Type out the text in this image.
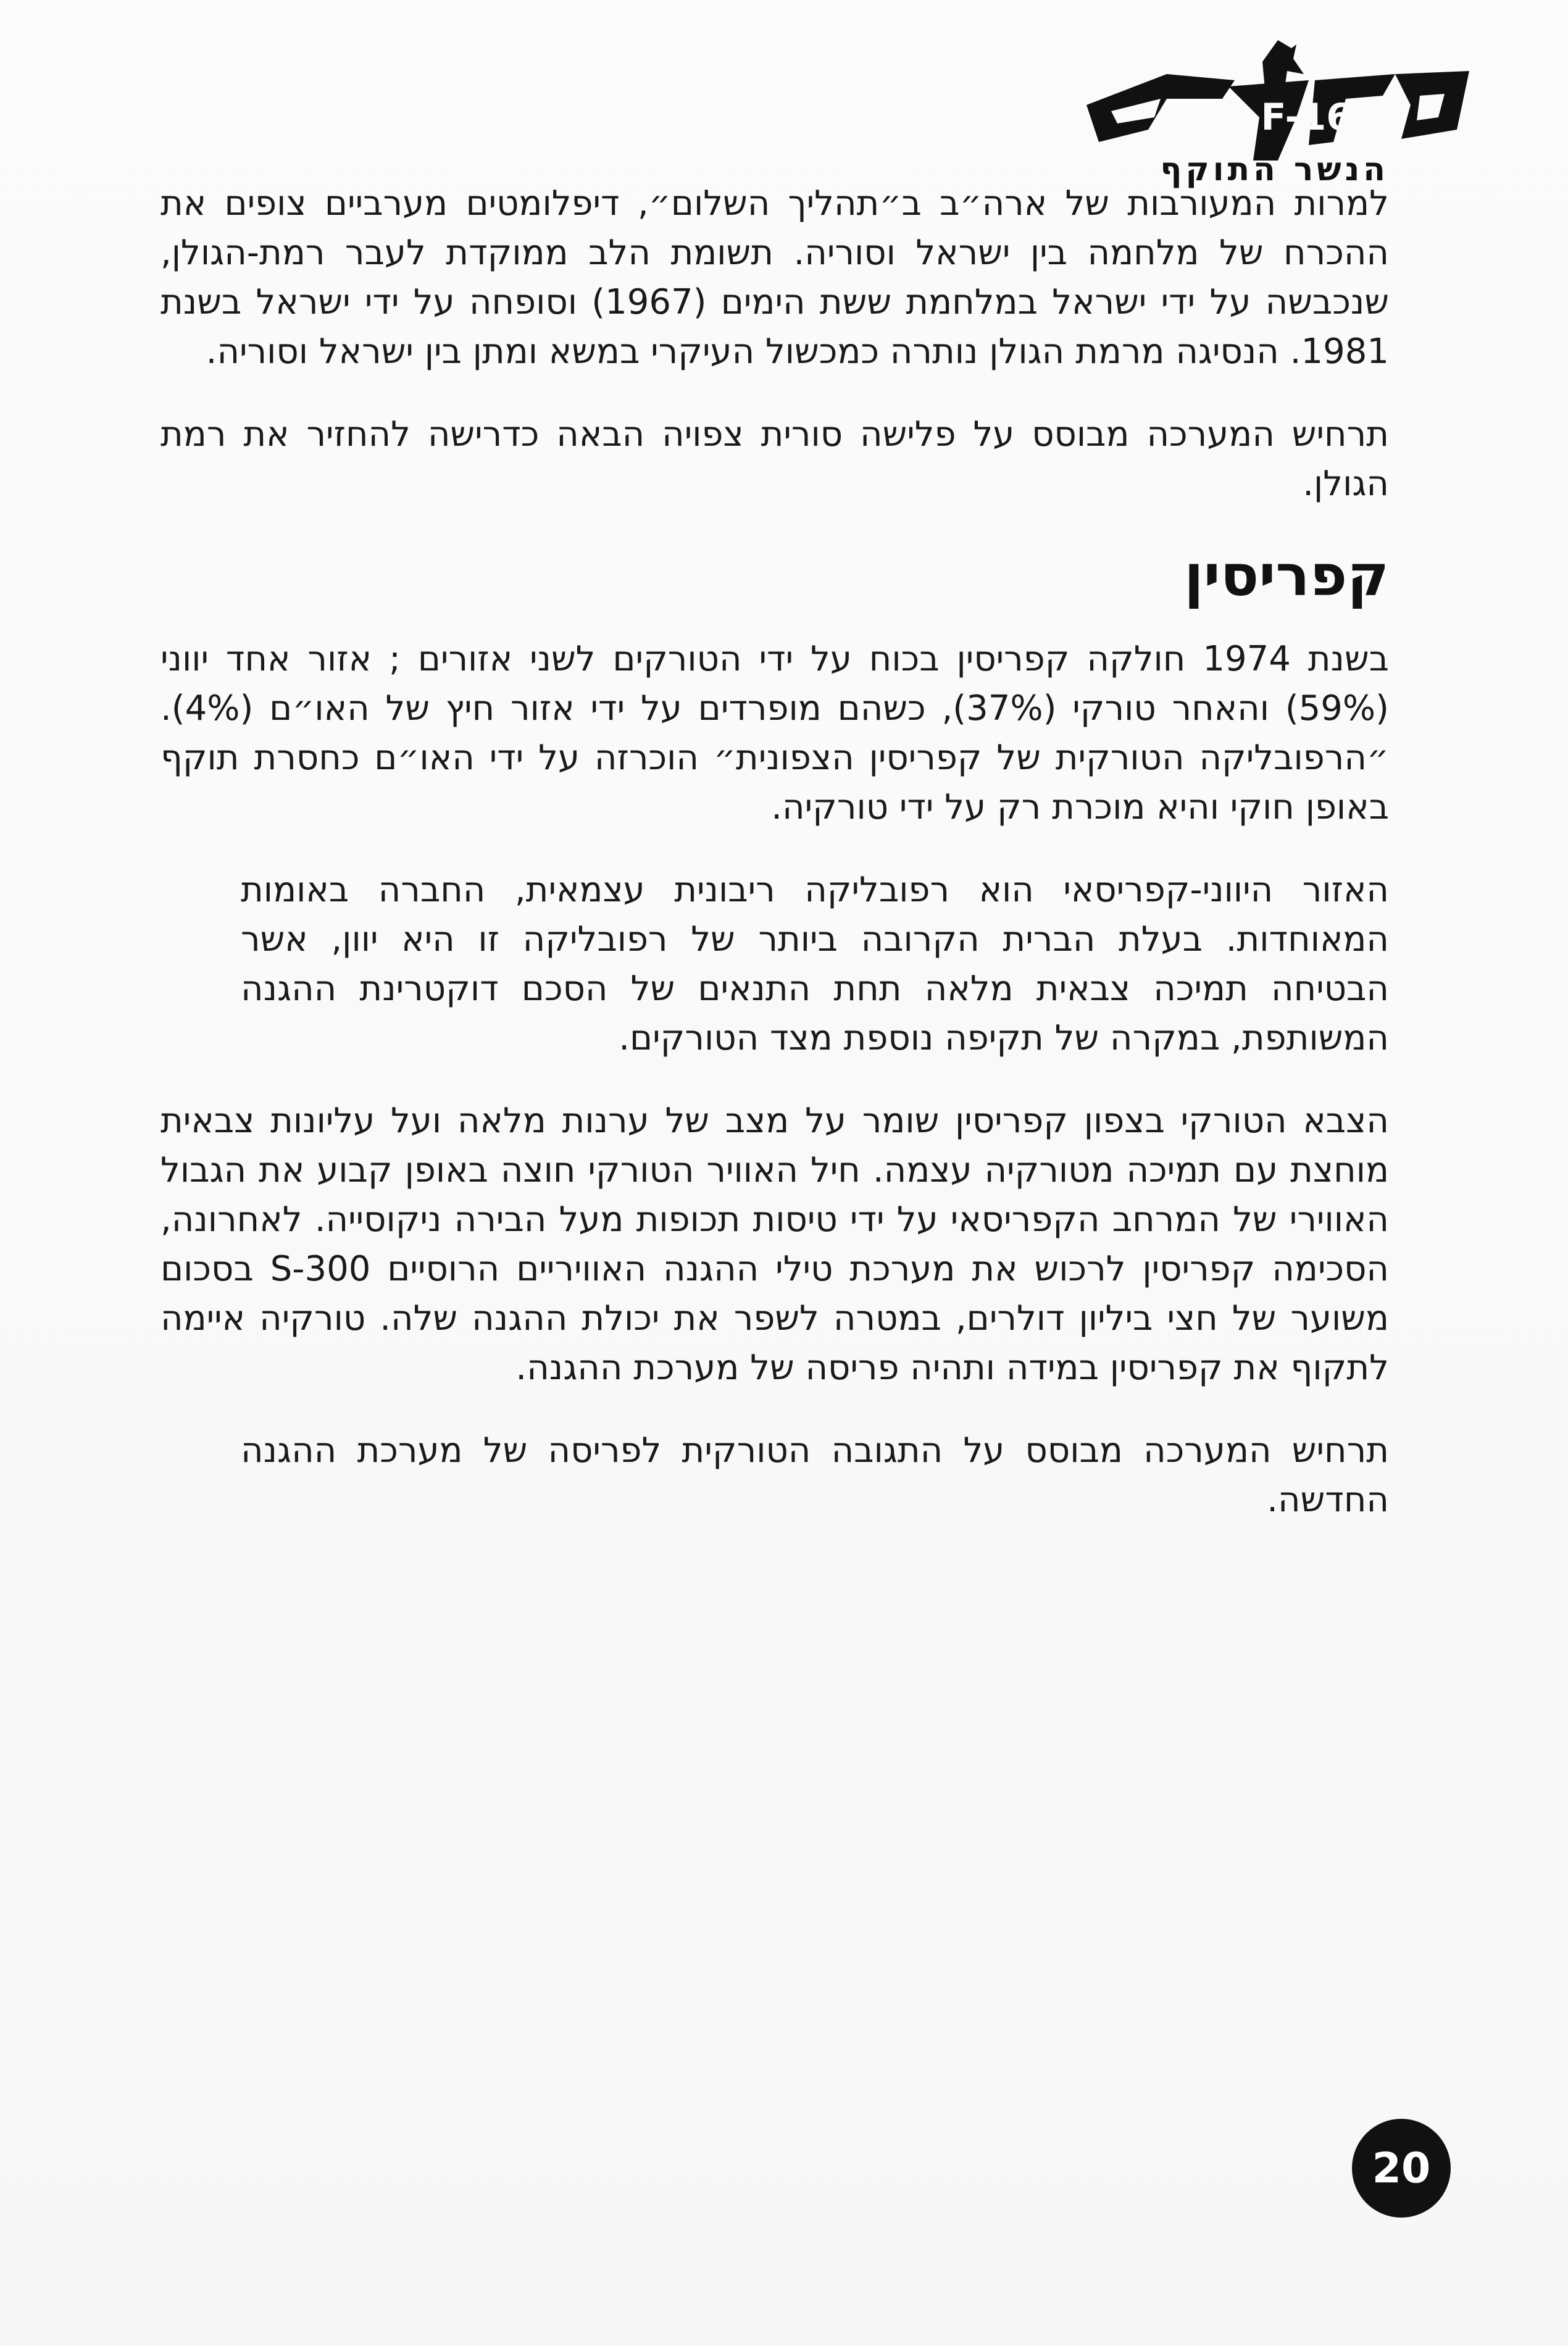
F-16
הנשר התוקף

למרות המעורבות של ארה״ב ב״תהליך השלום״, דיפלומטים מערביים צופים את ההכרח של מלחמה בין ישראל וסוריה. תשומת הלב ממוקדת לעבר רמת-הגולן, שנכבשה על ידי ישראל במלחמת ששת הימים (1967) וסופחה על ידי ישראל בשנת 1981. הנסיגה מרמת הגולן נותרה כמכשול העיקרי במשא ומתן בין ישראל וסוריה.

תרחיש המערכה מבוסס על פלישה סורית צפויה הבאה כדרישה להחזיר את רמת הגולן.

קפריסין

בשנת 1974 חולקה קפריסין בכוח על ידי הטורקים לשני אזורים ; אזור אחד יווני (59%) והאחר טורקי (37%), כשהם מופרדים על ידי אזור חיץ של האו״ם (4%). ״הרפובליקה הטורקית של קפריסין הצפונית״ הוכרזה על ידי האו״ם כחסרת תוקף באופן חוקי והיא מוכרת רק על ידי טורקיה.

האזור היווני-קפריסאי הוא רפובליקה ריבונית עצמאית, החברה באומות המאוחדות. בעלת הברית הקרובה ביותר של רפובליקה זו היא יוון, אשר הבטיחה תמיכה צבאית מלאה תחת התנאים של הסכם דוקטרינת ההגנה המשותפת, במקרה של תקיפה נוספת מצד הטורקים.

הצבא הטורקי בצפון קפריסין שומר על מצב של ערנות מלאה ועל עליונות צבאית מוחצת עם תמיכה מטורקיה עצמה. חיל האוויר הטורקי חוצה באופן קבוע את הגבול האווירי של המרחב הקפריסאי על ידי טיסות תכופות מעל הבירה ניקוסייה. לאחרונה, הסכימה קפריסין לרכוש את מערכת טילי ההגנה האוויריים הרוסיים S-300 בסכום משוער של חצי ביליון דולרים, במטרה לשפר את יכולת ההגנה שלה. טורקיה איימה לתקוף את קפריסין במידה ותהיה פריסה של מערכת ההגנה.

תרחיש המערכה מבוסס על התגובה הטורקית לפריסה של מערכת ההגנה החדשה.

20
